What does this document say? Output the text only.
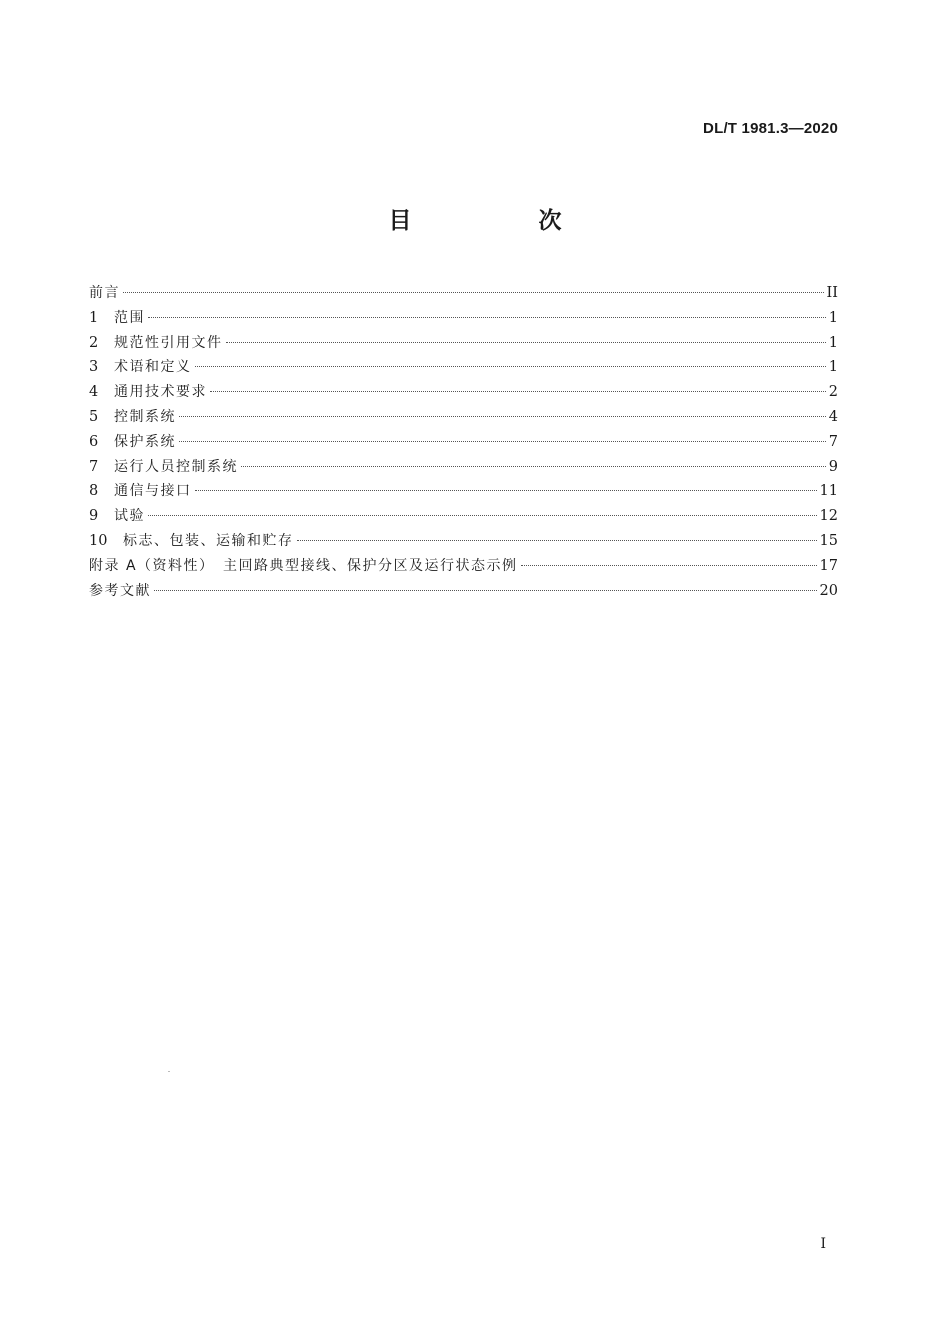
DL/T 1981.3—2020
目　次
前言	II
1	范围	1
2	规范性引用文件	1
3	术语和定义	1
4	通用技术要求	2
5	控制系统	4
6	保护系统	7
7	运行人员控制系统	9
8	通信与接口	11
9	试验	12
10	标志、包装、运输和贮存	15
附录 A（资料性）　主回路典型接线、保护分区及运行状态示例	17
参考文献	20
I
